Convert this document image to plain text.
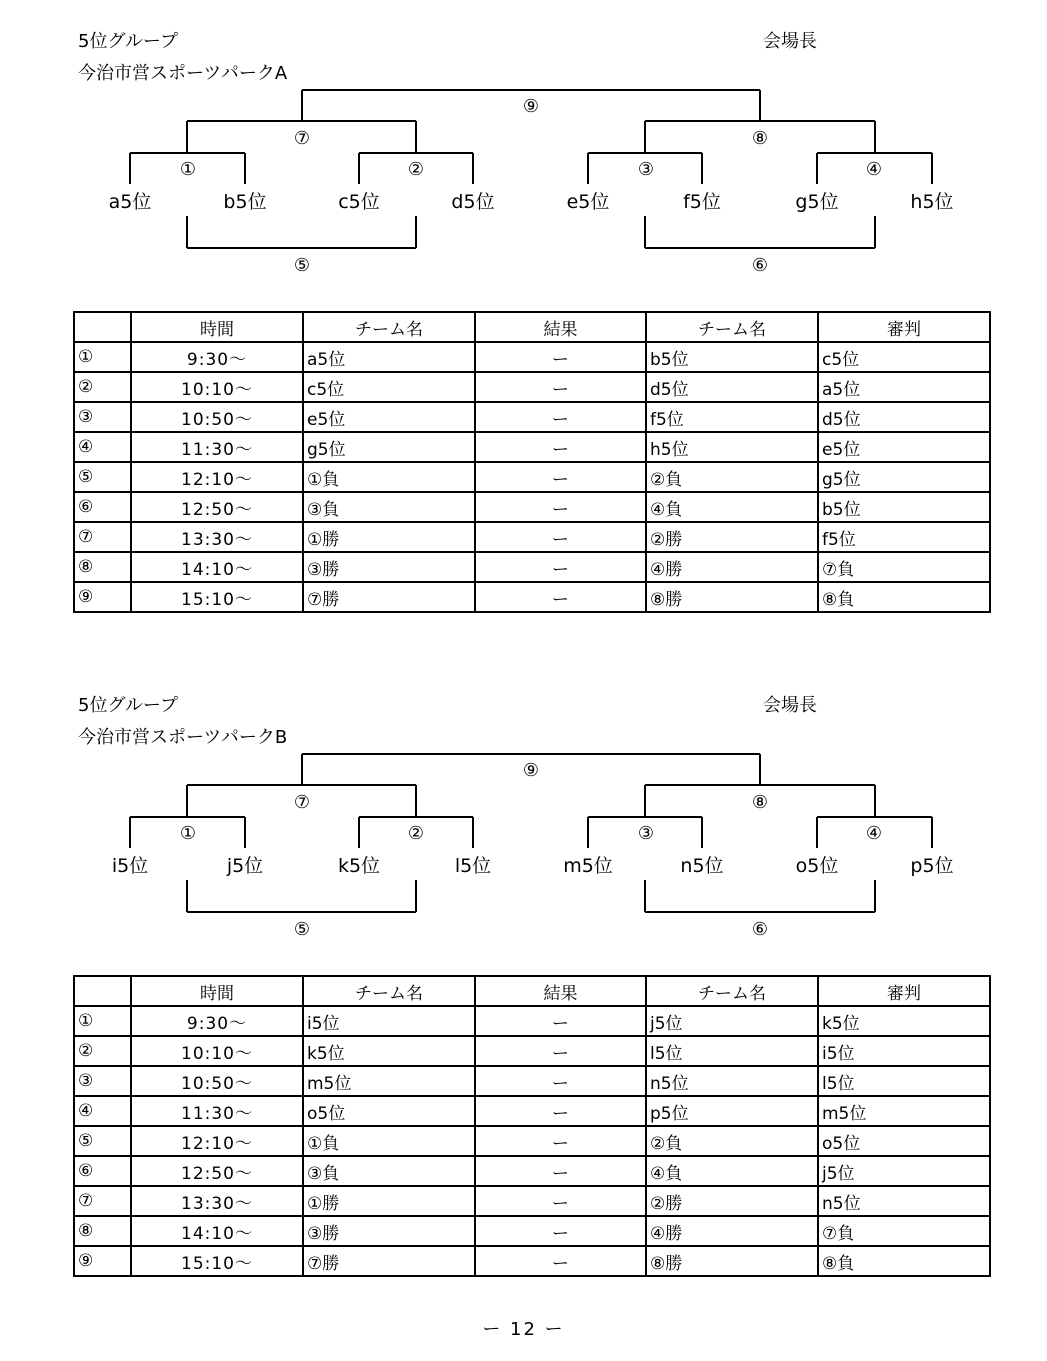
5位グループ
今治市営スポーツパークA
会場長
⑨
⑦	⑧
①	②	③	④
⑤	⑥
a5位	b5位	c5位	d5位	e5位	f5位	g5位	h5位
	時間	チーム名	結果	チーム名	審判
①	9:30～	a5位	ー	b5位	c5位
②	10:10～	c5位	ー	d5位	a5位
③	10:50～	e5位	ー	f5位	d5位
④	11:30～	g5位	ー	h5位	e5位
⑤	12:10～	①負	ー	②負	g5位
⑥	12:50～	③負	ー	④負	b5位
⑦	13:30～	①勝	ー	②勝	f5位
⑧	14:10～	③勝	ー	④勝	⑦負
⑨	15:10～	⑦勝	ー	⑧勝	⑧負
5位グループ
今治市営スポーツパークB
会場長
⑨
⑦	⑧
①	②	③	④
⑤	⑥
i5位	j5位	k5位	l5位	m5位	n5位	o5位	p5位
	時間	チーム名	結果	チーム名	審判
①	9:30～	i5位	ー	j5位	k5位
②	10:10～	k5位	ー	l5位	i5位
③	10:50～	m5位	ー	n5位	l5位
④	11:30～	o5位	ー	p5位	m5位
⑤	12:10～	①負	ー	②負	o5位
⑥	12:50～	③負	ー	④負	j5位
⑦	13:30～	①勝	ー	②勝	n5位
⑧	14:10～	③勝	ー	④勝	⑦負
⑨	15:10～	⑦勝	ー	⑧勝	⑧負
ー 12 ー
